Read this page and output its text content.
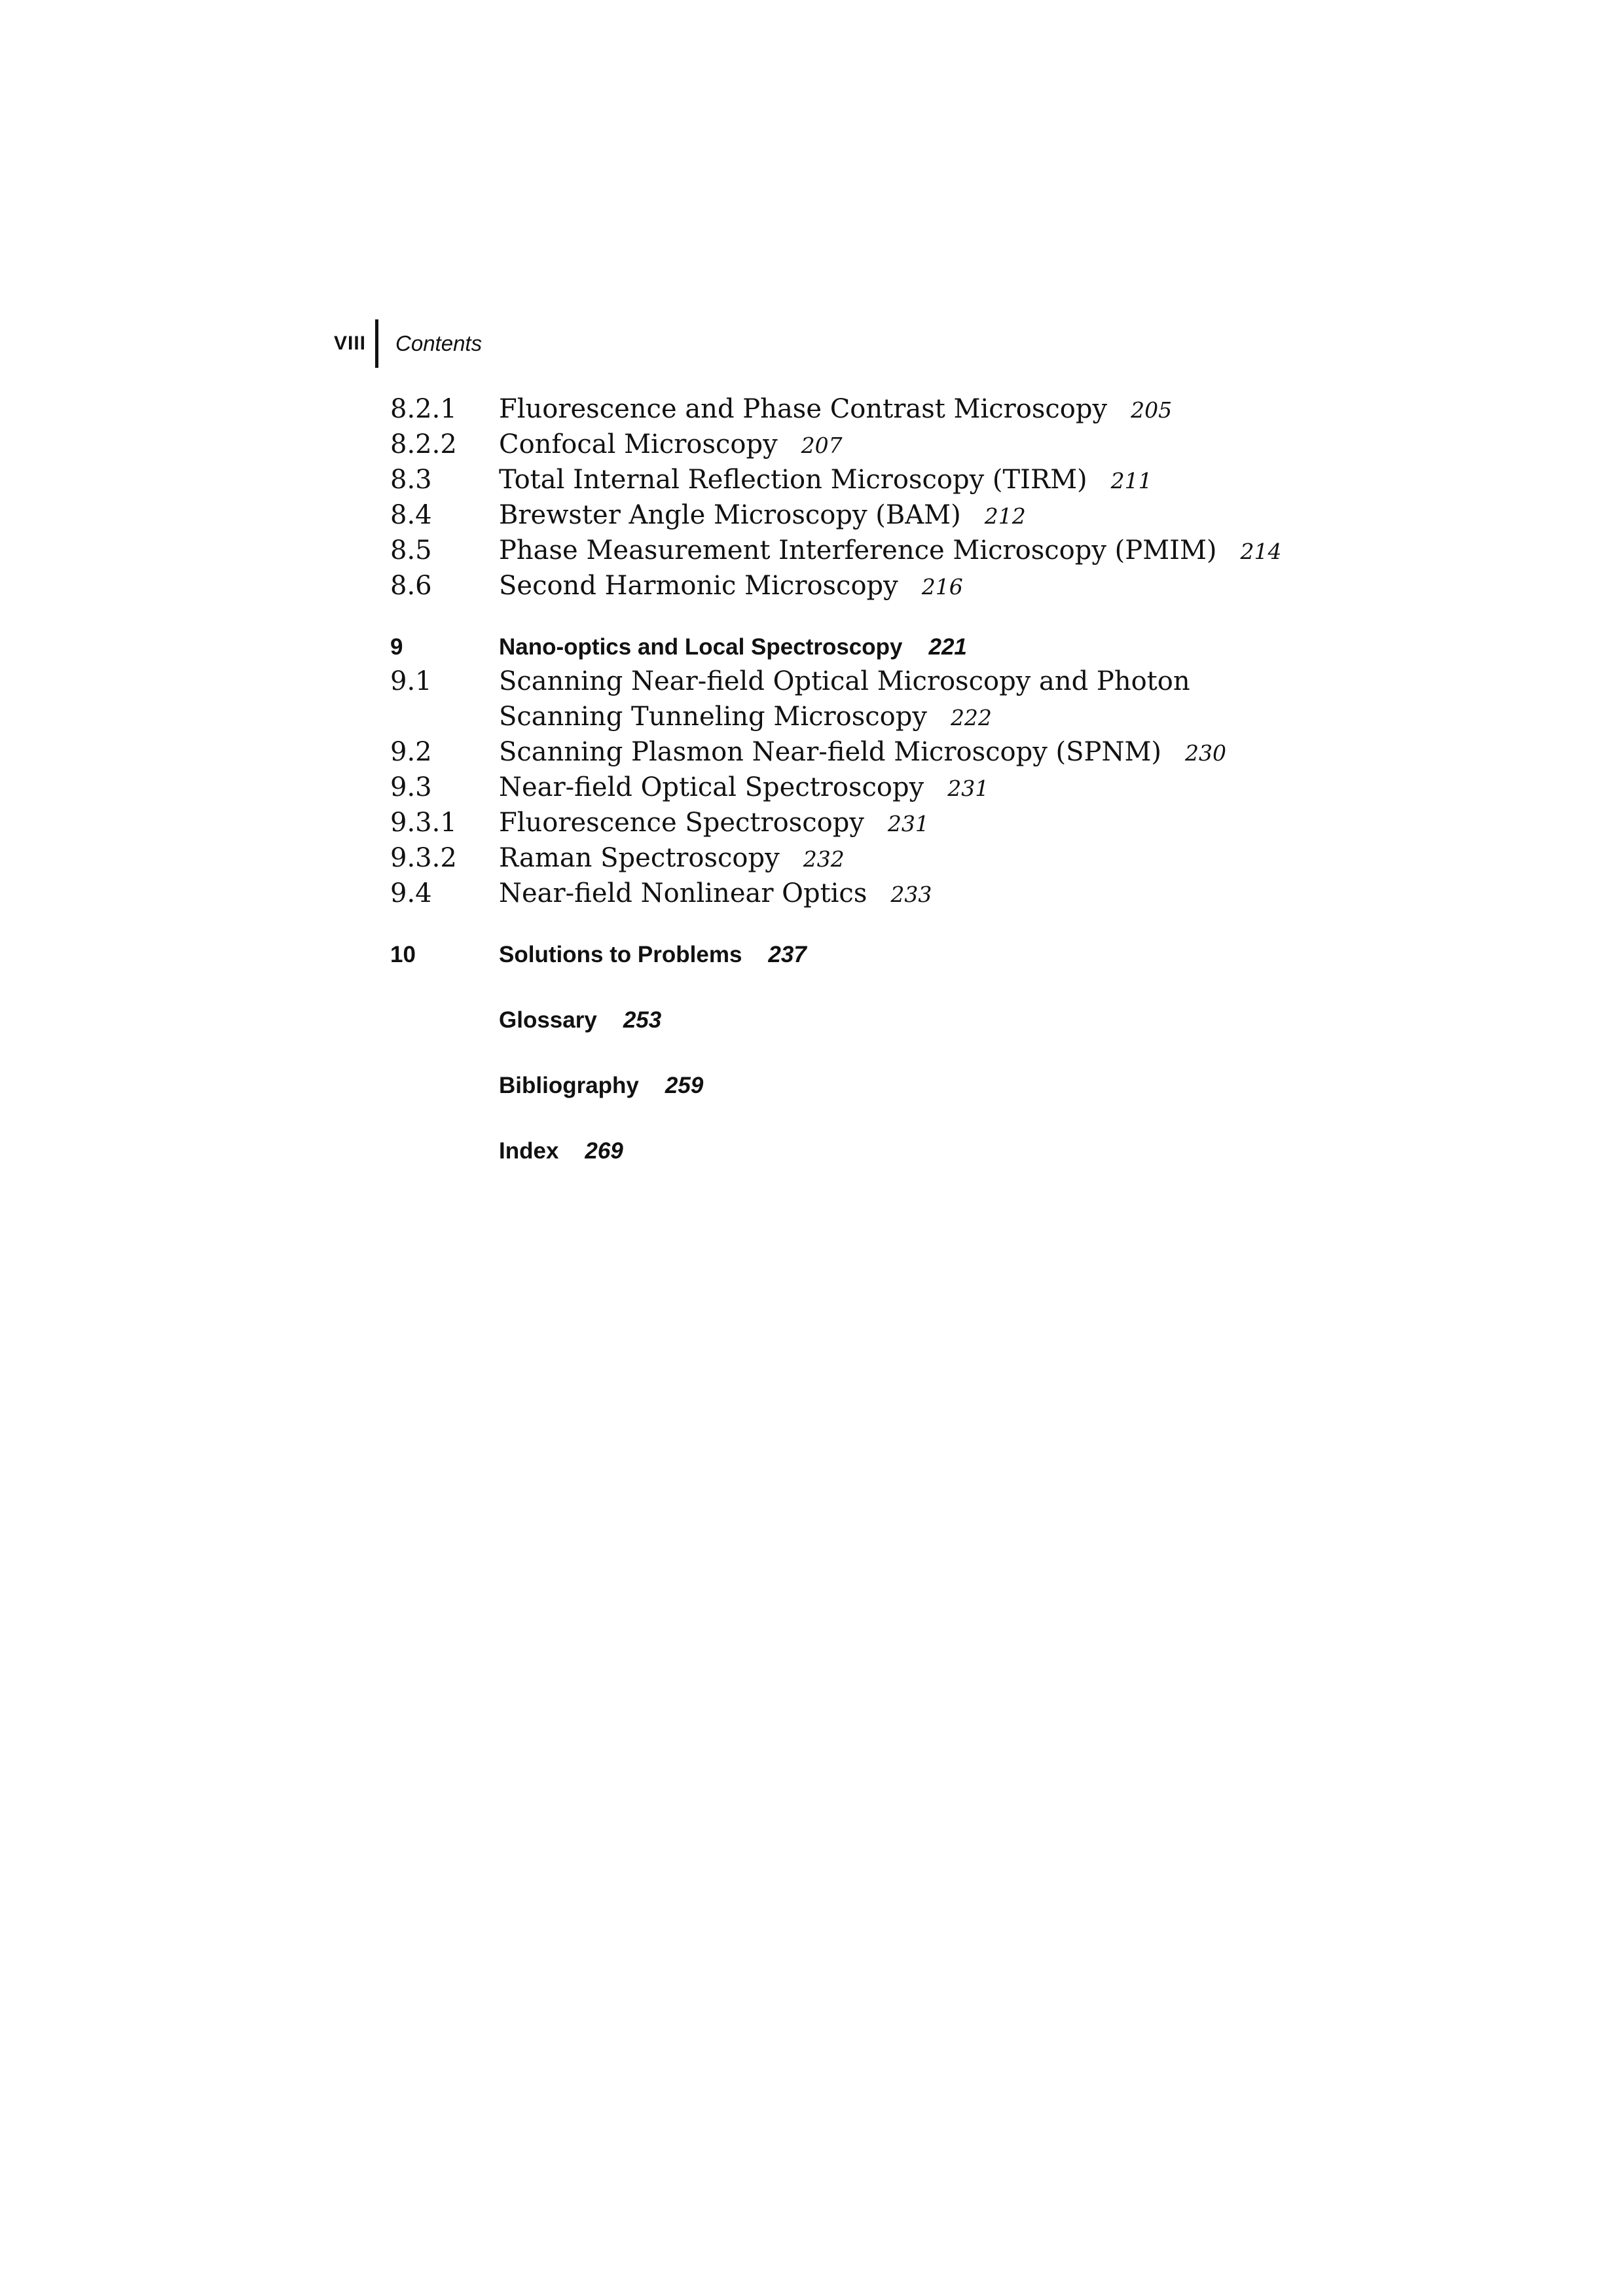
VIII Contents
8.2.1	Fluorescence and Phase Contrast Microscopy 205
8.2.2	Confocal Microscopy 207
8.3	Total Internal Reflection Microscopy (TIRM) 211
8.4	Brewster Angle Microscopy (BAM) 212
8.5	Phase Measurement Interference Microscopy (PMIM) 214
8.6	Second Harmonic Microscopy 216
9	Nano-optics and Local Spectroscopy 221
9.1	Scanning Near-field Optical Microscopy and Photon Scanning Tunneling Microscopy 222
9.2	Scanning Plasmon Near-field Microscopy (SPNM) 230
9.3	Near-field Optical Spectroscopy 231
9.3.1	Fluorescence Spectroscopy 231
9.3.2	Raman Spectroscopy 232
9.4	Near-field Nonlinear Optics 233
10	Solutions to Problems 237
Glossary 253
Bibliography 259
Index 269
